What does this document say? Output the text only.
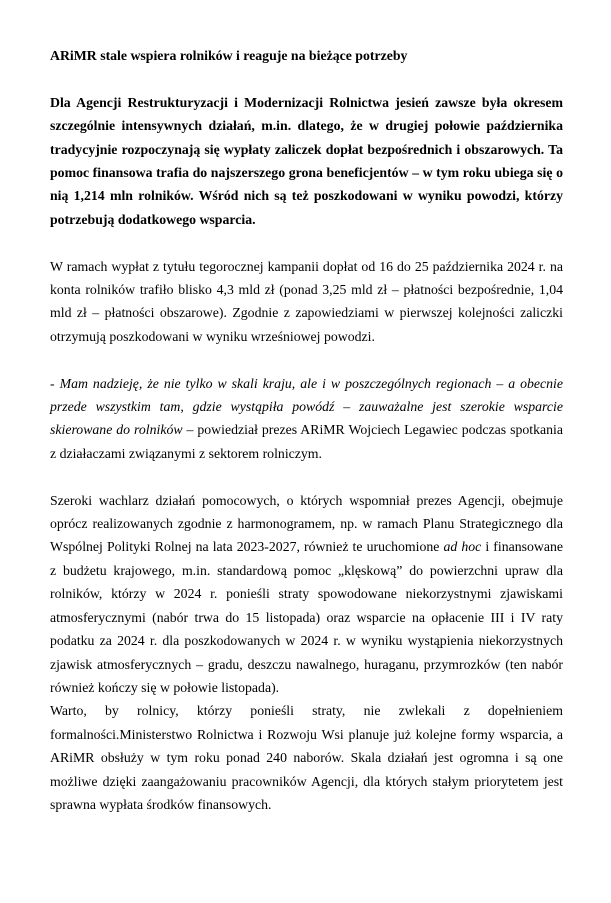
ARiMR stale wspiera rolników i reaguje na bieżące potrzeby

Dla Agencji Restrukturyzacji i Modernizacji Rolnictwa jesień zawsze była okresem szczególnie intensywnych działań, m.in. dlatego, że w drugiej połowie października tradycyjnie rozpoczynają się wypłaty zaliczek dopłat bezpośrednich i obszarowych. Ta pomoc finansowa trafia do najszerszego grona beneficjentów – w tym roku ubiega się o nią 1,214 mln rolników. Wśród nich są też poszkodowani w wyniku powodzi, którzy potrzebują dodatkowego wsparcia.

W ramach wypłat z tytułu tegorocznej kampanii dopłat od 16 do 25 października 2024 r. na konta rolników trafiło blisko 4,3 mld zł (ponad 3,25 mld zł – płatności bezpośrednie, 1,04 mld zł – płatności obszarowe). Zgodnie z zapowiedziami w pierwszej kolejności zaliczki otrzymują poszkodowani w wyniku wrześniowej powodzi.

- Mam nadzieję, że nie tylko w skali kraju, ale i w poszczególnych regionach – a obecnie przede wszystkim tam, gdzie wystąpiła powódź – zauważalne jest szerokie wsparcie skierowane do rolników – powiedział prezes ARiMR Wojciech Legawiec podczas spotkania z działaczami związanymi z sektorem rolniczym.

Szeroki wachlarz działań pomocowych, o których wspomniał prezes Agencji, obejmuje oprócz realizowanych zgodnie z harmonogramem, np. w ramach Planu Strategicznego dla Wspólnej Polityki Rolnej na lata 2023-2027, również te uruchomione ad hoc i finansowane z budżetu krajowego, m.in. standardową pomoc „klęskową” do powierzchni upraw dla rolników, którzy w 2024 r. ponieśli straty spowodowane niekorzystnymi zjawiskami atmosferycznymi (nabór trwa do 15 listopada) oraz wsparcie na opłacenie III i IV raty podatku za 2024 r. dla poszkodowanych w 2024 r. w wyniku wystąpienia niekorzystnych zjawisk atmosferycznych – gradu, deszczu nawalnego, huraganu, przymrozków (ten nabór również kończy się w połowie listopada).

Warto, by rolnicy, którzy ponieśli straty, nie zwlekali z dopełnieniem formalności.Ministerstwo Rolnictwa i Rozwoju Wsi planuje już kolejne formy wsparcia, a ARiMR obsłuży w tym roku ponad 240 naborów. Skala działań jest ogromna i są one możliwe dzięki zaangażowaniu pracowników Agencji, dla których stałym priorytetem jest sprawna wypłata środków finansowych.
